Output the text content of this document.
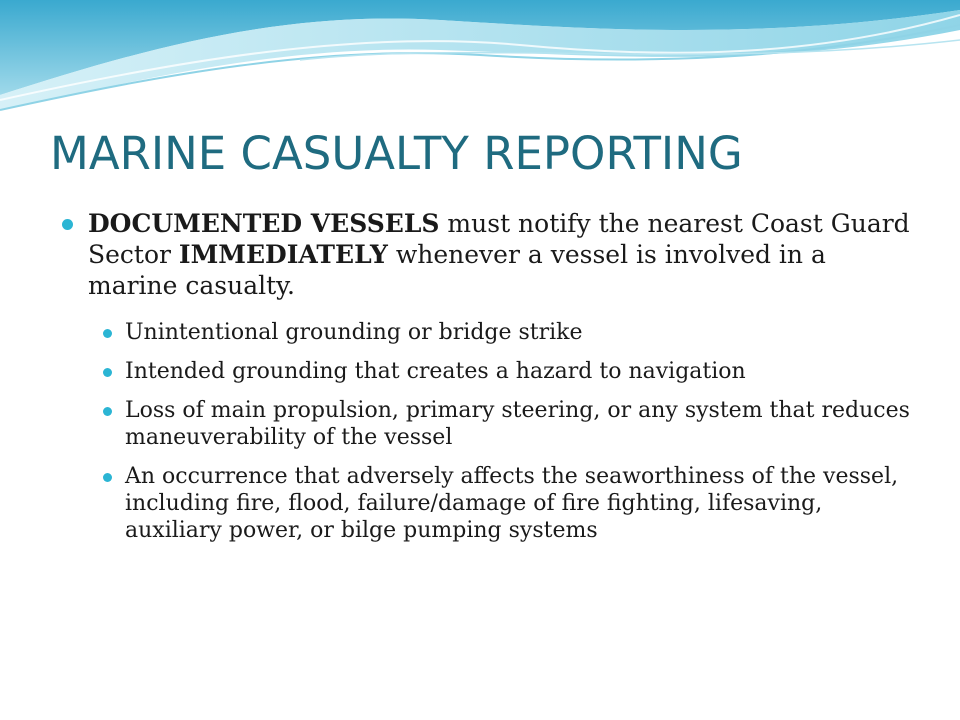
MARINE CASUALTY REPORTING
DOCUMENTED VESSELS must notify the nearest Coast Guard Sector IMMEDIATELY whenever a vessel is involved in a marine casualty.
Unintentional grounding or bridge strike
Intended grounding that creates a hazard to navigation
Loss of main propulsion, primary steering, or any system that reduces maneuverability of the vessel
An occurrence that adversely affects the seaworthiness of the vessel, including fire, flood, failure/damage of fire fighting, lifesaving, auxiliary power, or bilge pumping systems
